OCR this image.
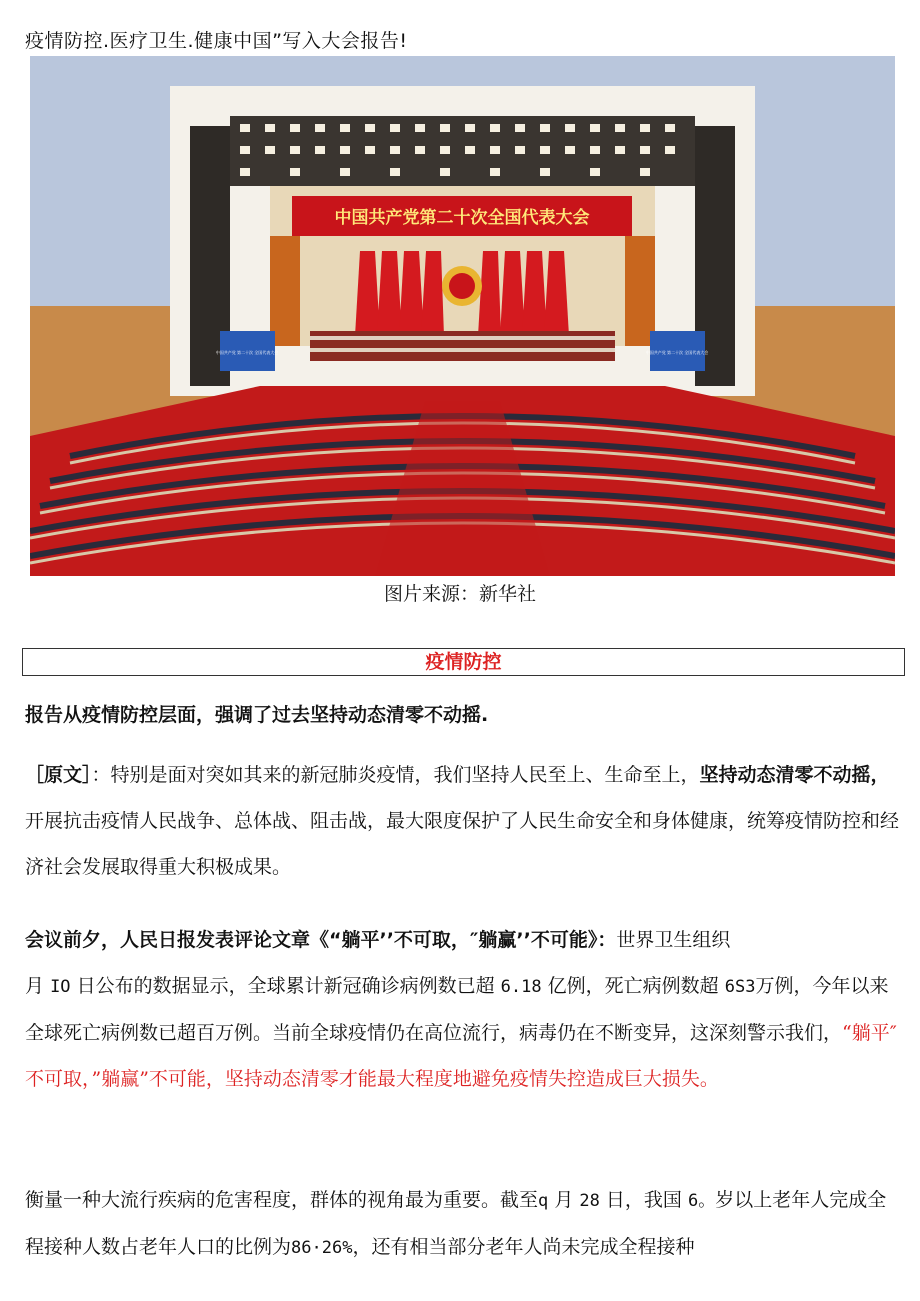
疫情防控.医疗卫生.健康中国”写入大会报告!
中国共产党第二十次全国代表大会
中国共产党 第二十次 全国代表大会	中国共产党 第二十次 全国代表大会
图片来源：新华社
疫情防控
报告从疫情防控层面，强调了过去坚持动态清零不动摇.
［原文］：特别是面对突如其来的新冠肺炎疫情，我们坚持人民至上、生命至上，坚持动态清零不动摇，开展抗击疫情人民战争、总体战、阻击战，最大限度保护了人民生命安全和身体健康，统筹疫情防控和经济社会发展取得重大积极成果。
会议前夕，人民日报发表评论文章《“躺平’’不可取，″躺赢’’不可能》：世界卫生组织
月 IO 日公布的数据显示，全球累计新冠确诊病例数已超 6.18 亿例，死亡病例数超 6S3万例，今年以来全球死亡病例数已超百万例。当前全球疫情仍在高位流行，病毒仍在不断变异，这深刻警示我们，“躺平″不可取，”躺赢”不可能，坚持动态清零才能最大程度地避免疫情失控造成巨大损失。
衡量一种大流行疾病的危害程度，群体的视角最为重要。截至q 月 28 日，我国 6。岁以上老年人完成全程接种人数占老年人口的比例为86·26%，还有相当部分老年人尚未完成全程接种
